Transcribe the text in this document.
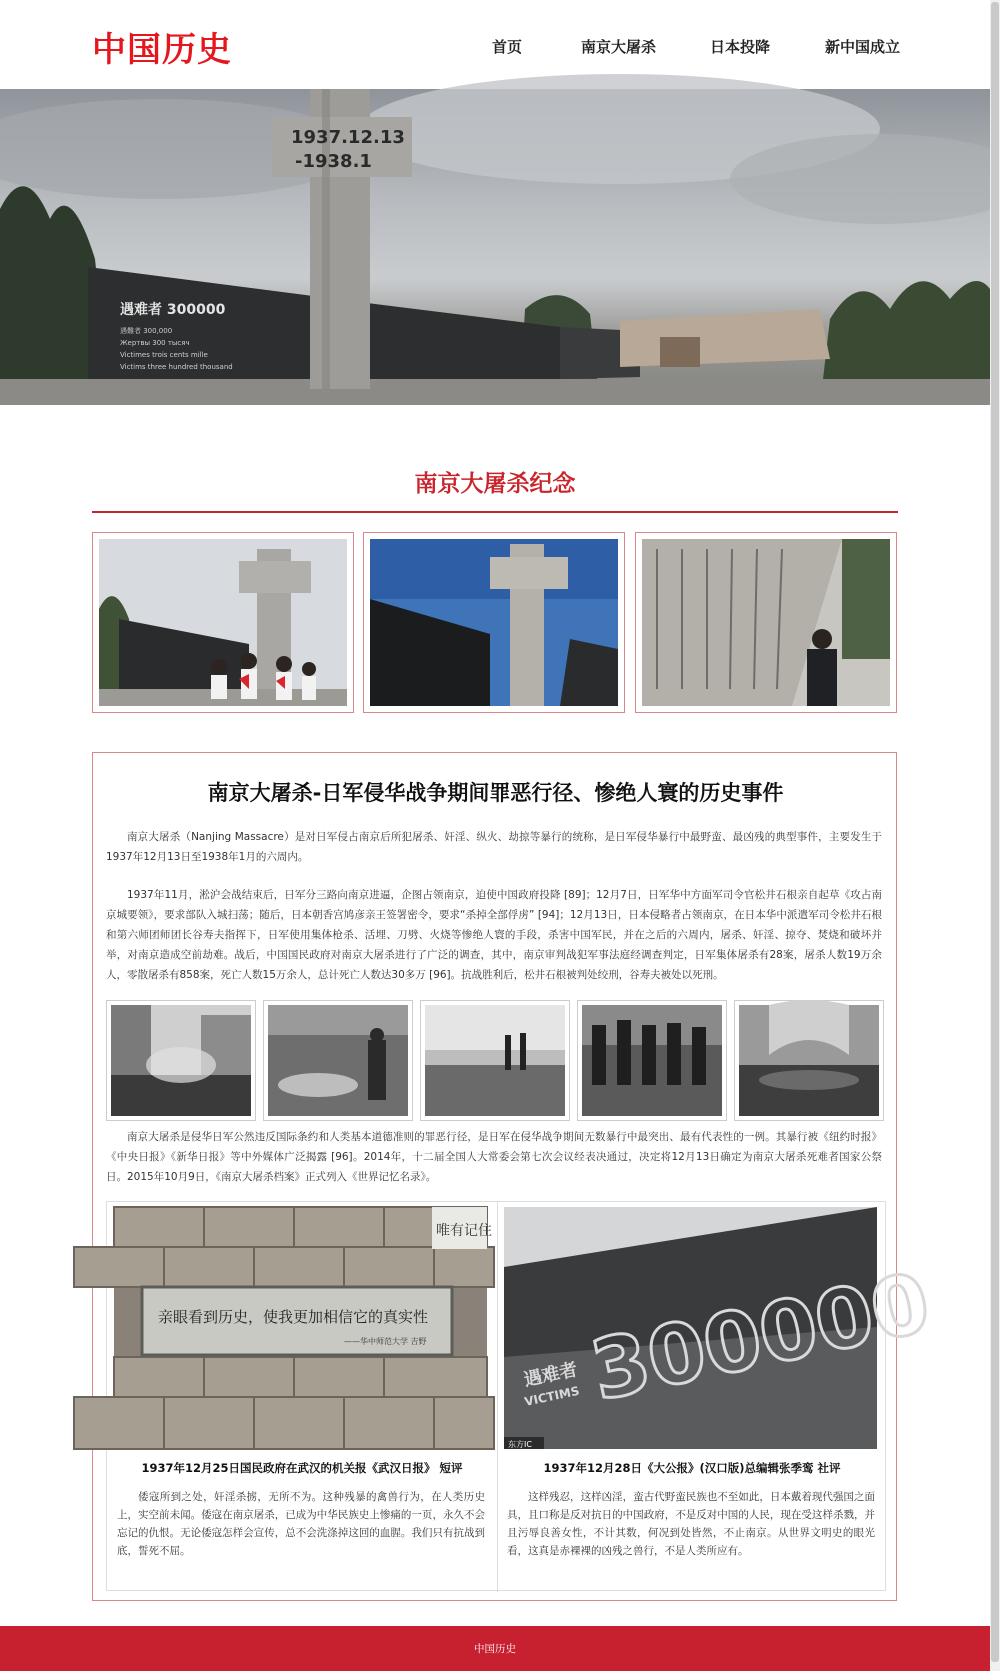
中国历史	首页	南京大屠杀	日本投降	新中国成立
1937.12.13
-1938.1
遇难者 300000
遇難者 300,000
Жертвы 300 тысяч
Victimes trois cents mille
Victims three hundred thousand
南京大屠杀纪念
南京大屠杀-日军侵华战争期间罪恶行径、惨绝人寰的历史事件

南京大屠杀（Nanjing Massacre）是对日军侵占南京后所犯屠杀、奸淫、纵火、劫掠等暴行的统称，是日军侵华暴行中最野蛮、最凶残的典型事件，主要发生于1937年12月13日至1938年1月的六周内。

1937年11月，淞沪会战结束后，日军分三路向南京进逼，企图占领南京，迫使中国政府投降 [89]；12月7日，日军华中方面军司令官松井石根亲自起草《攻占南京城要领》，要求部队入城扫荡；随后，日本朝香宫鸠彦亲王签署密令，要求“杀掉全部俘虏” [94]；12月13日，日本侵略者占领南京，在日本华中派遣军司令松井石根和第六师团师团长谷寿夫指挥下，日军使用集体枪杀、活埋、刀劈、火烧等惨绝人寰的手段，杀害中国军民，并在之后的六周内，屠杀、奸淫、掠夺、焚烧和破坏并举，对南京造成空前劫难。战后，中国国民政府对南京大屠杀进行了广泛的调查，其中，南京审判战犯军事法庭经调查判定，日军集体屠杀有28案，屠杀人数19万余人，零散屠杀有858案，死亡人数15万余人，总计死亡人数达30多万 [96]。抗战胜利后，松井石根被判处绞刑，谷寿夫被处以死刑。

南京大屠杀是侵华日军公然违反国际条约和人类基本道德准则的罪恶行径，是日军在侵华战争期间无数暴行中最突出、最有代表性的一例。其暴行被《纽约时报》《中央日报》《新华日报》等中外媒体广泛揭露 [96]。2014年，十二届全国人大常委会第七次会议经表决通过，决定将12月13日确定为南京大屠杀死难者国家公祭日。2015年10月9日，《南京大屠杀档案》正式列入《世界记忆名录》。

唯有记住
亲眼看到历史，使我更加相信它的真实性
——华中师范大学 吉野
1937年12月25日国民政府在武汉的机关报《武汉日报》 短评

倭寇所到之处，奸淫杀掳，无所不为。这种残暴的禽兽行为，在人类历史上，实空前未闻。倭寇在南京屠杀，已成为中华民族史上惨痛的一页，永久不会忘记的仇恨。无论倭寇怎样会宣传，总不会洗涤掉这回的血腥。我们只有抗战到底，誓死不屈。

300000
遇难者
VICTIMS
东方IC
1937年12月28日《大公报》(汉口版)总编辑张季鸾 社评

这样残忍，这样凶淫，蛮古代野蛮民族也不至如此，日本戴着现代强国之面具，且口称是反对抗日的中国政府，不是反对中国的人民，现在受这样杀戮，并且污辱良善女性，不计其数，何况到处皆然，不止南京。从世界文明史的眼光看，这真是赤裸裸的凶残之兽行，不是人类所应有。

中国历史
